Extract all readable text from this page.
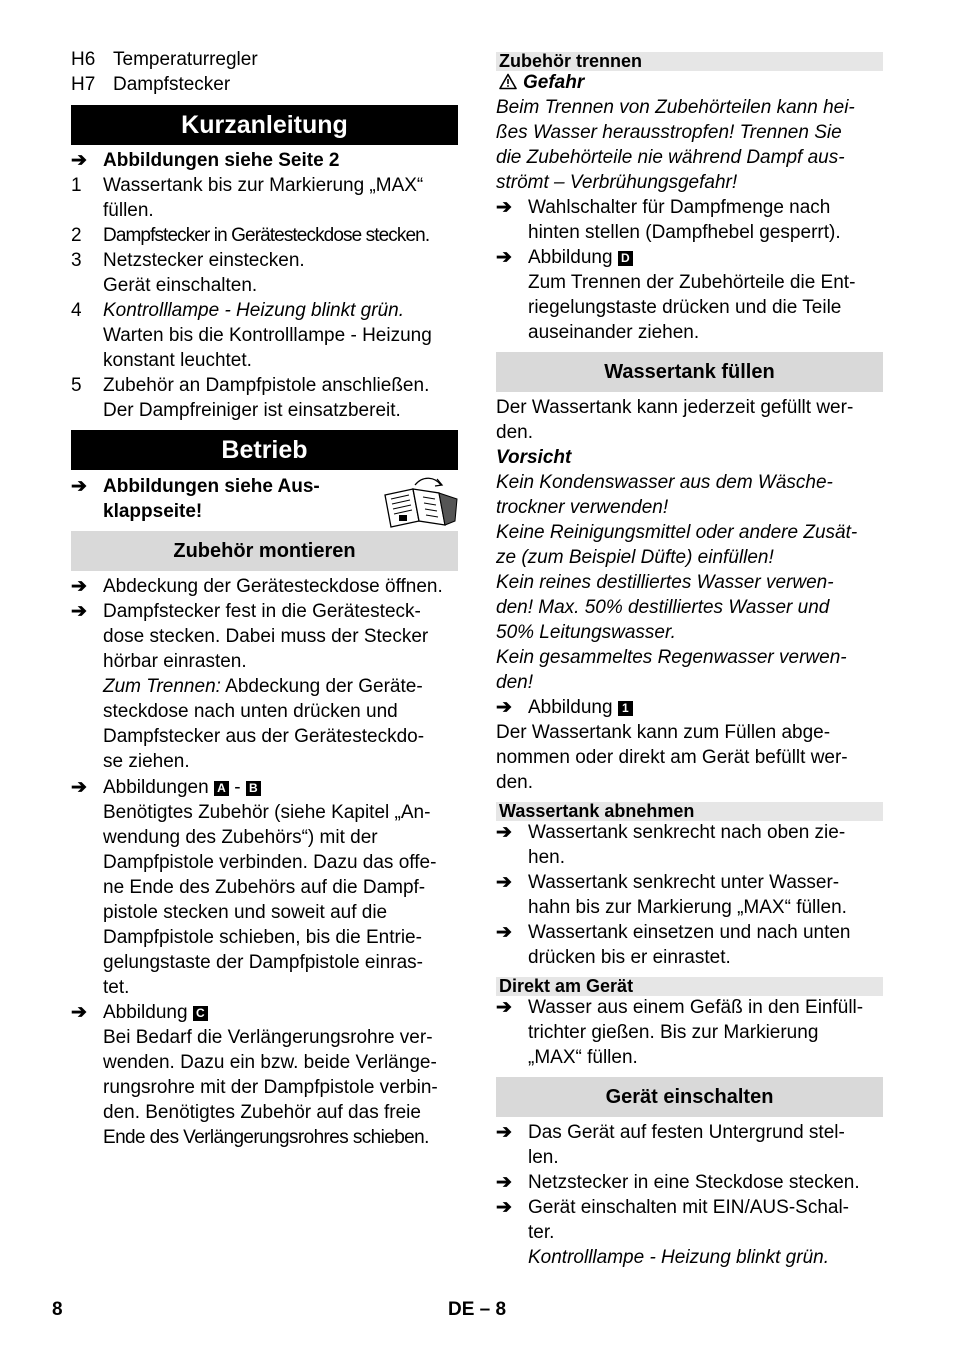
H6 Temperaturregler
H7 Dampfstecker
Kurzanleitung
➔ Abbildungen siehe Seite 2
1 Wassertank bis zur Markierung „MAX“
füllen.
2 Dampfstecker in Gerätesteckdose stecken.
3 Netzstecker einstecken.
Gerät einschalten.
4 Kontrolllampe - Heizung blinkt grün.
Warten bis die Kontrolllampe - Heizung
konstant leuchtet.
5 Zubehör an Dampfpistole anschließen.
Der Dampfreiniger ist einsatzbereit.
Betrieb
➔ Abbildungen siehe Aus-
klappseite!
Zubehör montieren
➔ Abdeckung der Gerätesteckdose öffnen.
➔ Dampfstecker fest in die Gerätesteck-
dose stecken. Dabei muss der Stecker
hörbar einrasten.
Zum Trennen: Abdeckung der Geräte-
steckdose nach unten drücken und
Dampfstecker aus der Gerätesteckdo-
se ziehen.
➔ Abbildungen A - B
Benötigtes Zubehör (siehe Kapitel „An-
wendung des Zubehörs“) mit der
Dampfpistole verbinden. Dazu das offe-
ne Ende des Zubehörs auf die Dampf-
pistole stecken und soweit auf die
Dampfpistole schieben, bis die Entrie-
gelungstaste der Dampfpistole einras-
tet.
➔ Abbildung C
Bei Bedarf die Verlängerungsrohre ver-
wenden. Dazu ein bzw. beide Verlänge-
rungsrohre mit der Dampfpistole verbin-
den. Benötigtes Zubehör auf das freie
Ende des Verlängerungsrohres schieben.
Zubehör trennen
Gefahr
Beim Trennen von Zubehörteilen kann hei-
ßes Wasser herausstropfen! Trennen Sie
die Zubehörteile nie während Dampf aus-
strömt – Verbrühungsgefahr!
➔ Wahlschalter für Dampfmenge nach
hinten stellen (Dampfhebel gesperrt).
➔ Abbildung D
Zum Trennen der Zubehörteile die Ent-
riegelungstaste drücken und die Teile
auseinander ziehen.
Wassertank füllen
Der Wassertank kann jederzeit gefüllt wer-
den.
Vorsicht
Kein Kondenswasser aus dem Wäsche-
trockner verwenden!
Keine Reinigungsmittel oder andere Zusät-
ze (zum Beispiel Düfte) einfüllen!
Kein reines destilliertes Wasser verwen-
den! Max. 50% destilliertes Wasser und
50% Leitungswasser.
Kein gesammeltes Regenwasser verwen-
den!
➔ Abbildung 1
Der Wassertank kann zum Füllen abge-
nommen oder direkt am Gerät befüllt wer-
den.
Wassertank abnehmen
➔ Wassertank senkrecht nach oben zie-
hen.
➔ Wassertank senkrecht unter Wasser-
hahn bis zur Markierung „MAX“ füllen.
➔ Wassertank einsetzen und nach unten
drücken bis er einrastet.
Direkt am Gerät
➔ Wasser aus einem Gefäß in den Einfüll-
trichter gießen. Bis zur Markierung
„MAX“ füllen.
Gerät einschalten
➔ Das Gerät auf festen Untergrund stel-
len.
➔ Netzstecker in eine Steckdose stecken.
➔ Gerät einschalten mit EIN/AUS-Schal-
ter.
Kontrolllampe - Heizung blinkt grün.
8	DE – 8
